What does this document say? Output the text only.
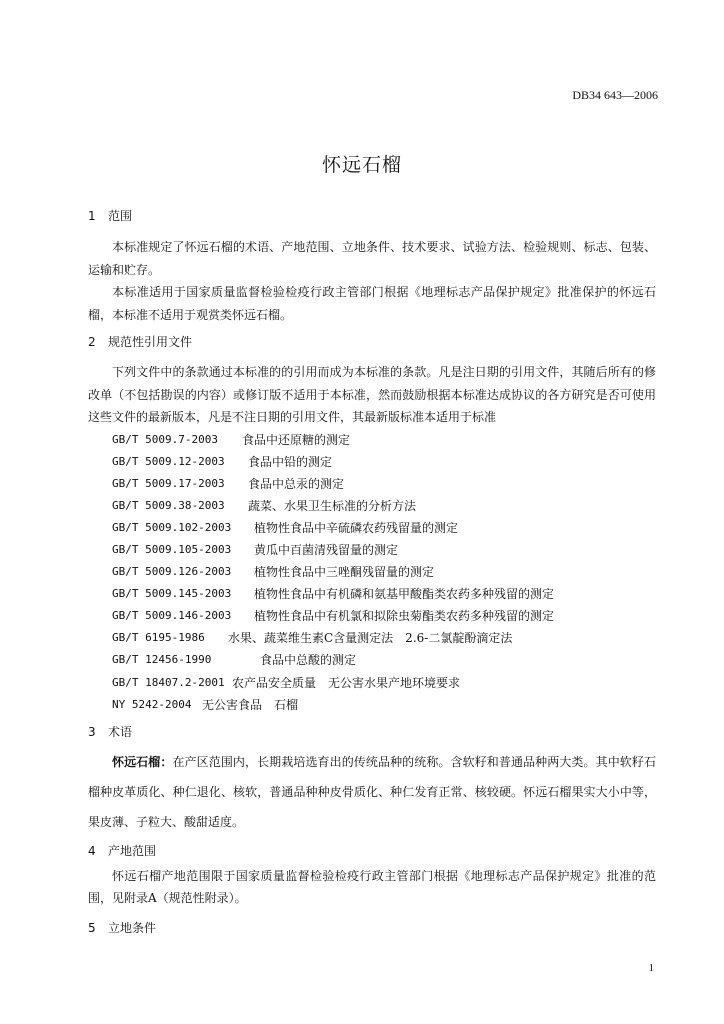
DB34 643—2006
怀远石榴
1	范围

本标准规定了怀远石榴的术语、产地范围、立地条件、技术要求、试验方法、检验规则、标志、包装、运输和贮存。

本标准适用于国家质量监督检验检疫行政主管部门根据《地理标志产品保护规定》批准保护的怀远石榴，本标准不适用于观赏类怀远石榴。

2	规范性引用文件

下列文件中的条款通过本标准的的引用而成为本标准的条款。凡是注日期的引用文件，其随后所有的修改单（不包括勘误的内容）或修订版不适用于本标准，然而鼓励根据本标准达成协议的各方研究是否可使用这些文件的最新版本，凡是不注日期的引用文件，其最新版标准本适用于标准

GB/T 5009.7-2003	食品中还原糖的测定
GB/T 5009.12-2003	食品中铅的测定
GB/T 5009.17-2003	食品中总汞的测定
GB/T 5009.38-2003	蔬菜、水果卫生标准的分析方法
GB/T 5009.102-2003	植物性食品中辛硫磷农药残留量的测定
GB/T 5009.105-2003	黄瓜中百菌清残留量的测定
GB/T 5009.126-2003	植物性食品中三唑酮残留量的测定
GB/T 5009.145-2003	植物性食品中有机磷和氨基甲酸酯类农药多种残留的测定
GB/T 5009.146-2003	植物性食品中有机氯和拟除虫菊酯类农药多种残留的测定
GB/T 6195-1986	水果、蔬菜维生素C含量测定法　2.6-二氯靛酚滴定法
GB/T 12456-1990	食品中总酸的测定
GB/T 18407.2-2001 农产品安全质量　无公害水果产地环境要求
NY 5242-2004 无公害食品　石榴
3	术语

怀远石榴：在产区范围内，长期栽培选育出的传统品种的统称。含软籽和普通品种两大类。其中软籽石榴种皮革质化、种仁退化、核软，普通品种种皮骨质化、种仁发育正常、核较硬。怀远石榴果实大小中等，果皮薄、子粒大、酸甜适度。

4	产地范围

怀远石榴产地范围限于国家质量监督检验检疫行政主管部门根据《地理标志产品保护规定》批准的范围，见附录A（规范性附录）。

5	立地条件
1
